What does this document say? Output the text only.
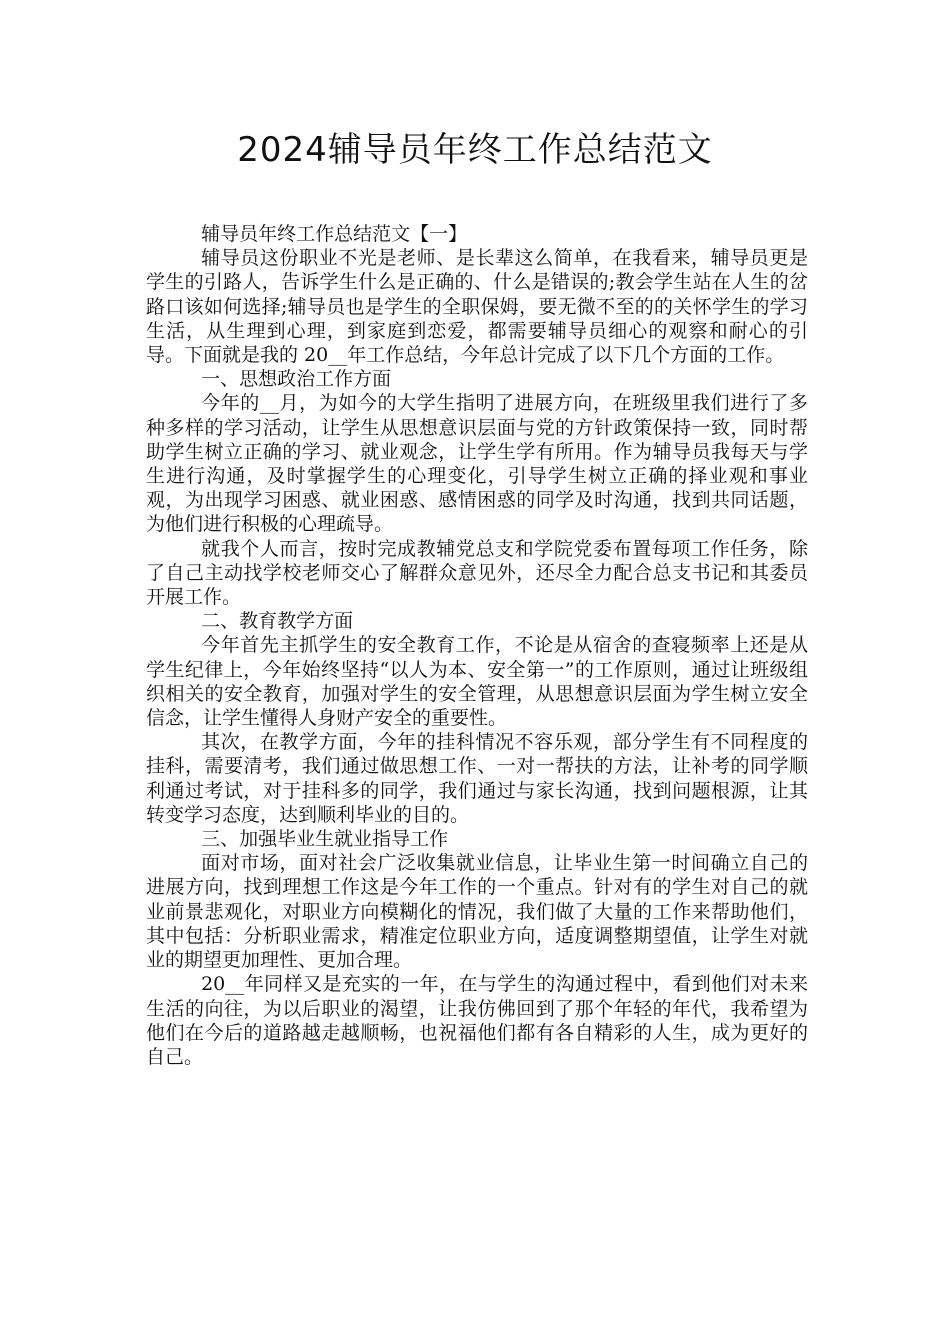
2024辅导员年终工作总结范文

辅导员年终工作总结范文【一】

辅导员这份职业不光是老师、是长辈这么简单，在我看来，辅导员更是学生的引路人，告诉学生什么是正确的、什么是错误的;教会学生站在人生的岔路口该如何选择;辅导员也是学生的全职保姆，要无微不至的的关怀学生的学习生活，从生理到心理，到家庭到恋爱，都需要辅导员细心的观察和耐心的引导。下面就是我的 20__年工作总结，今年总计完成了以下几个方面的工作。

一、思想政治工作方面

今年的__月，为如今的大学生指明了进展方向，在班级里我们进行了多种多样的学习活动，让学生从思想意识层面与党的方针政策保持一致，同时帮助学生树立正确的学习、就业观念，让学生学有所用。作为辅导员我每天与学生进行沟通，及时掌握学生的心理变化，引导学生树立正确的择业观和事业观，为出现学习困惑、就业困惑、感情困惑的同学及时沟通，找到共同话题，为他们进行积极的心理疏导。

就我个人而言，按时完成教辅党总支和学院党委布置每项工作任务，除了自己主动找学校老师交心了解群众意见外，还尽全力配合总支书记和其委员开展工作。

二、教育教学方面

今年首先主抓学生的安全教育工作，不论是从宿舍的查寝频率上还是从学生纪律上，今年始终坚持“以人为本、安全第一”的工作原则，通过让班级组织相关的安全教育，加强对学生的安全管理，从思想意识层面为学生树立安全信念，让学生懂得人身财产安全的重要性。

其次，在教学方面，今年的挂科情况不容乐观，部分学生有不同程度的挂科，需要清考，我们通过做思想工作、一对一帮扶的方法，让补考的同学顺利通过考试，对于挂科多的同学，我们通过与家长沟通，找到问题根源，让其转变学习态度，达到顺利毕业的目的。

三、加强毕业生就业指导工作

面对市场，面对社会广泛收集就业信息，让毕业生第一时间确立自己的进展方向，找到理想工作这是今年工作的一个重点。针对有的学生对自己的就业前景悲观化，对职业方向模糊化的情况，我们做了大量的工作来帮助他们，其中包括：分析职业需求，精准定位职业方向，适度调整期望值，让学生对就业的期望更加理性、更加合理。

20__年同样又是充实的一年，在与学生的沟通过程中，看到他们对未来生活的向往，为以后职业的渴望，让我仿佛回到了那个年轻的年代，我希望为他们在今后的道路越走越顺畅，也祝福他们都有各自精彩的人生，成为更好的自己。
